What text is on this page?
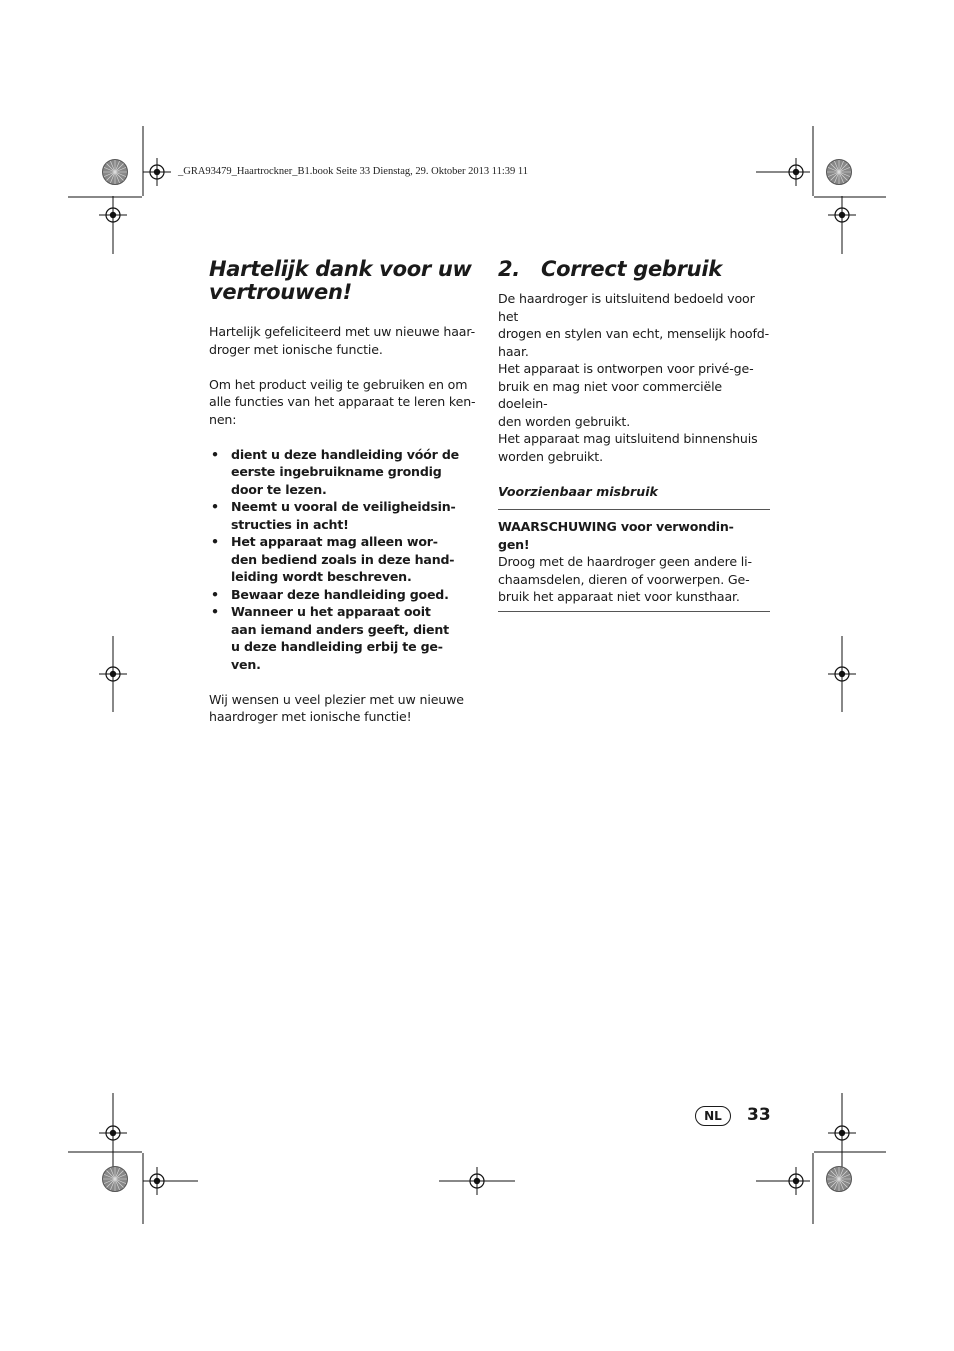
_GRA93479_Haartrockner_B1.book Seite 33 Dienstag, 29. Oktober 2013 11:39 11
Hartelijk dank voor uw
vertrouwen!

Hartelijk gefeliciteerd met uw nieuwe haar-
droger met ionische functie.

Om het product veilig te gebruiken en om
alle functies van het apparaat te leren ken-
nen:

• dient u deze handleiding vóór de
eerste ingebruikname grondig
door te lezen.
• Neemt u vooral de veiligheidsin-
structies in acht!
• Het apparaat mag alleen wor-
den bediend zoals in deze hand-
leiding wordt beschreven.
• Bewaar deze handleiding goed.
• Wanneer u het apparaat ooit
aan iemand anders geeft, dient
u deze handleiding erbij te ge-
ven.

Wij wensen u veel plezier met uw nieuwe
haardroger met ionische functie!

2.   Correct gebruik

De haardroger is uitsluitend bedoeld voor het
drogen en stylen van echt, menselijk hoofd-
haar.
Het apparaat is ontworpen voor privé-ge-
bruik en mag niet voor commerciële doelein-
den worden gebruikt.
Het apparaat mag uitsluitend binnenshuis
worden gebruikt.

Voorzienbaar misbruik
WAARSCHUWING voor verwondin-
gen!

Droog met de haardroger geen andere li-
chaamsdelen, dieren of voorwerpen. Ge-
bruik het apparaat niet voor kunsthaar.

NL	33
